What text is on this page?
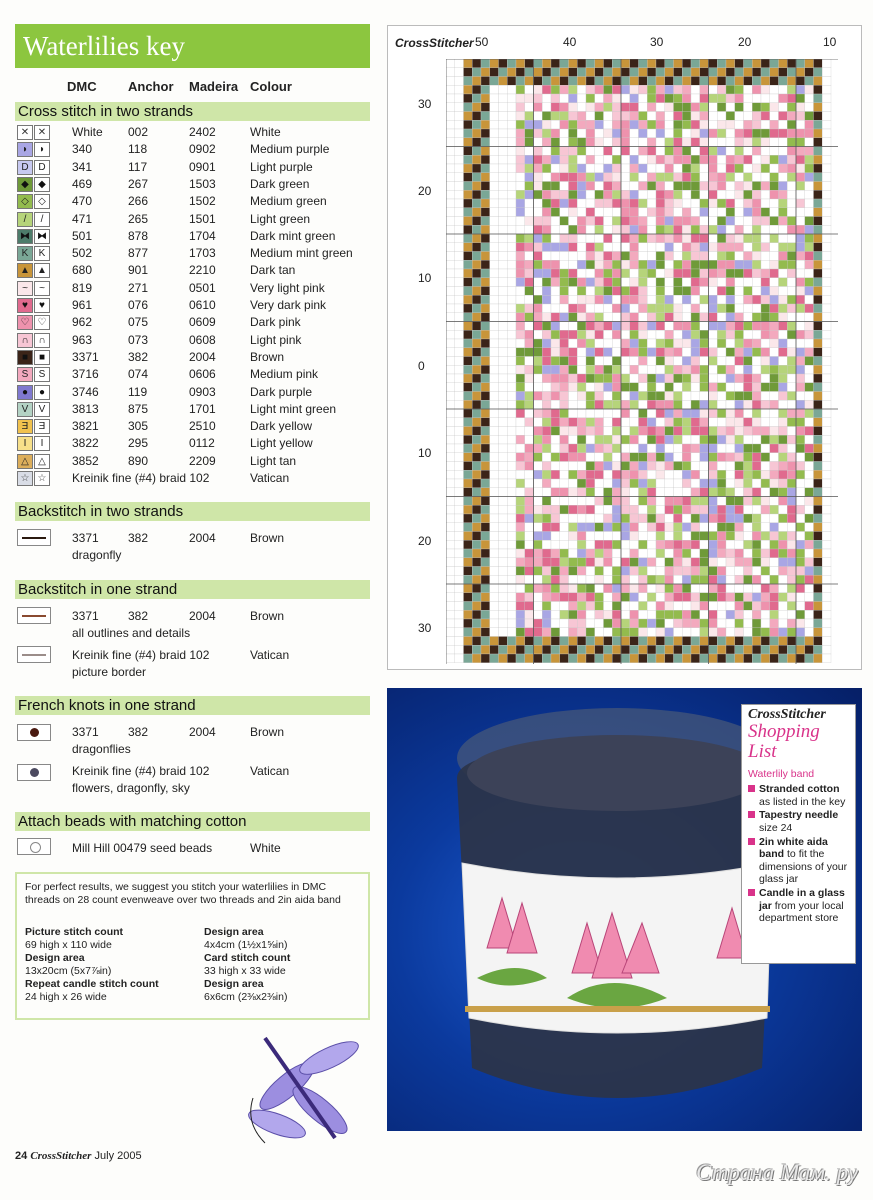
Waterlilies key
DMC Anchor Madeira Colour
Cross stitch in two strands
✕ ✕	White 002	2402	White
◗	◗	340	118	0902	Medium purple
D D	341	117	0901	Light purple
◆ ◆	469	267	1503	Dark green
◇ ◇	470	266	1502	Medium green
/	/	471	265	1501	Light green
⧓ ⧓ 501	878	1704	Dark mint green
K	K	502	877	1703	Medium mint green
▲ ▲ 680	901	2210	Dark tan
~	~	819	271	0501	Very light pink
♥	♥	961	076	0610	Very dark pink
♡ ♡ 962	075	0609	Dark pink
∩ ∩	963	073	0608	Light pink
■	■	3371 382	2004	Brown
S	S	3716 074	0606	Medium pink
●	●	3746 119	0903	Dark purple
V	V	3813 875	1701	Light mint green
Ǝ	Ǝ	3821 305	2510	Dark yellow
I	I	3822 295	0112	Light yellow
△ △	3852 890	2209	Light tan
☆ ☆ Kreinik fine (#4) braid 102	Vatican
Backstitch in two strands
3371 382	2004	Brown
dragonfly
Backstitch in one strand
3371 382	2004	Brown
all outlines and details
Kreinik fine (#4) braid 102	Vatican
picture border
French knots in one strand
3371 382	2004	Brown
dragonflies
Kreinik fine (#4) braid 102	Vatican
flowers, dragonfly, sky
Attach beads with matching cotton
Mill Hill 00479 seed beads	White
For perfect results, we suggest you stitch your waterlilies in DMC threads on 28 count evenweave over two threads and 2in aida band
Picture stitch count
69 high x 110 wide
Design area
13x20cm (5x7⅞in)
Repeat candle stitch count
24 high x 26 wide
Design area
4x4cm (1½x1⅝in)
Card stitch count
33 high x 33 wide
Design area
6x6cm (2⅜x2⅜in)
24 CrossStitcher July 2005
CrossStitcher 50	40	30	20	10
30
20
10
0
10
20
30
CrossStitcher
Shopping List
Waterlily band
Stranded cotton as listed in the key
Tapestry needle size 24
2in white aida band to fit the dimensions of your glass jar
Candle in a glass jar from your local department store
Страна Мам. ру
